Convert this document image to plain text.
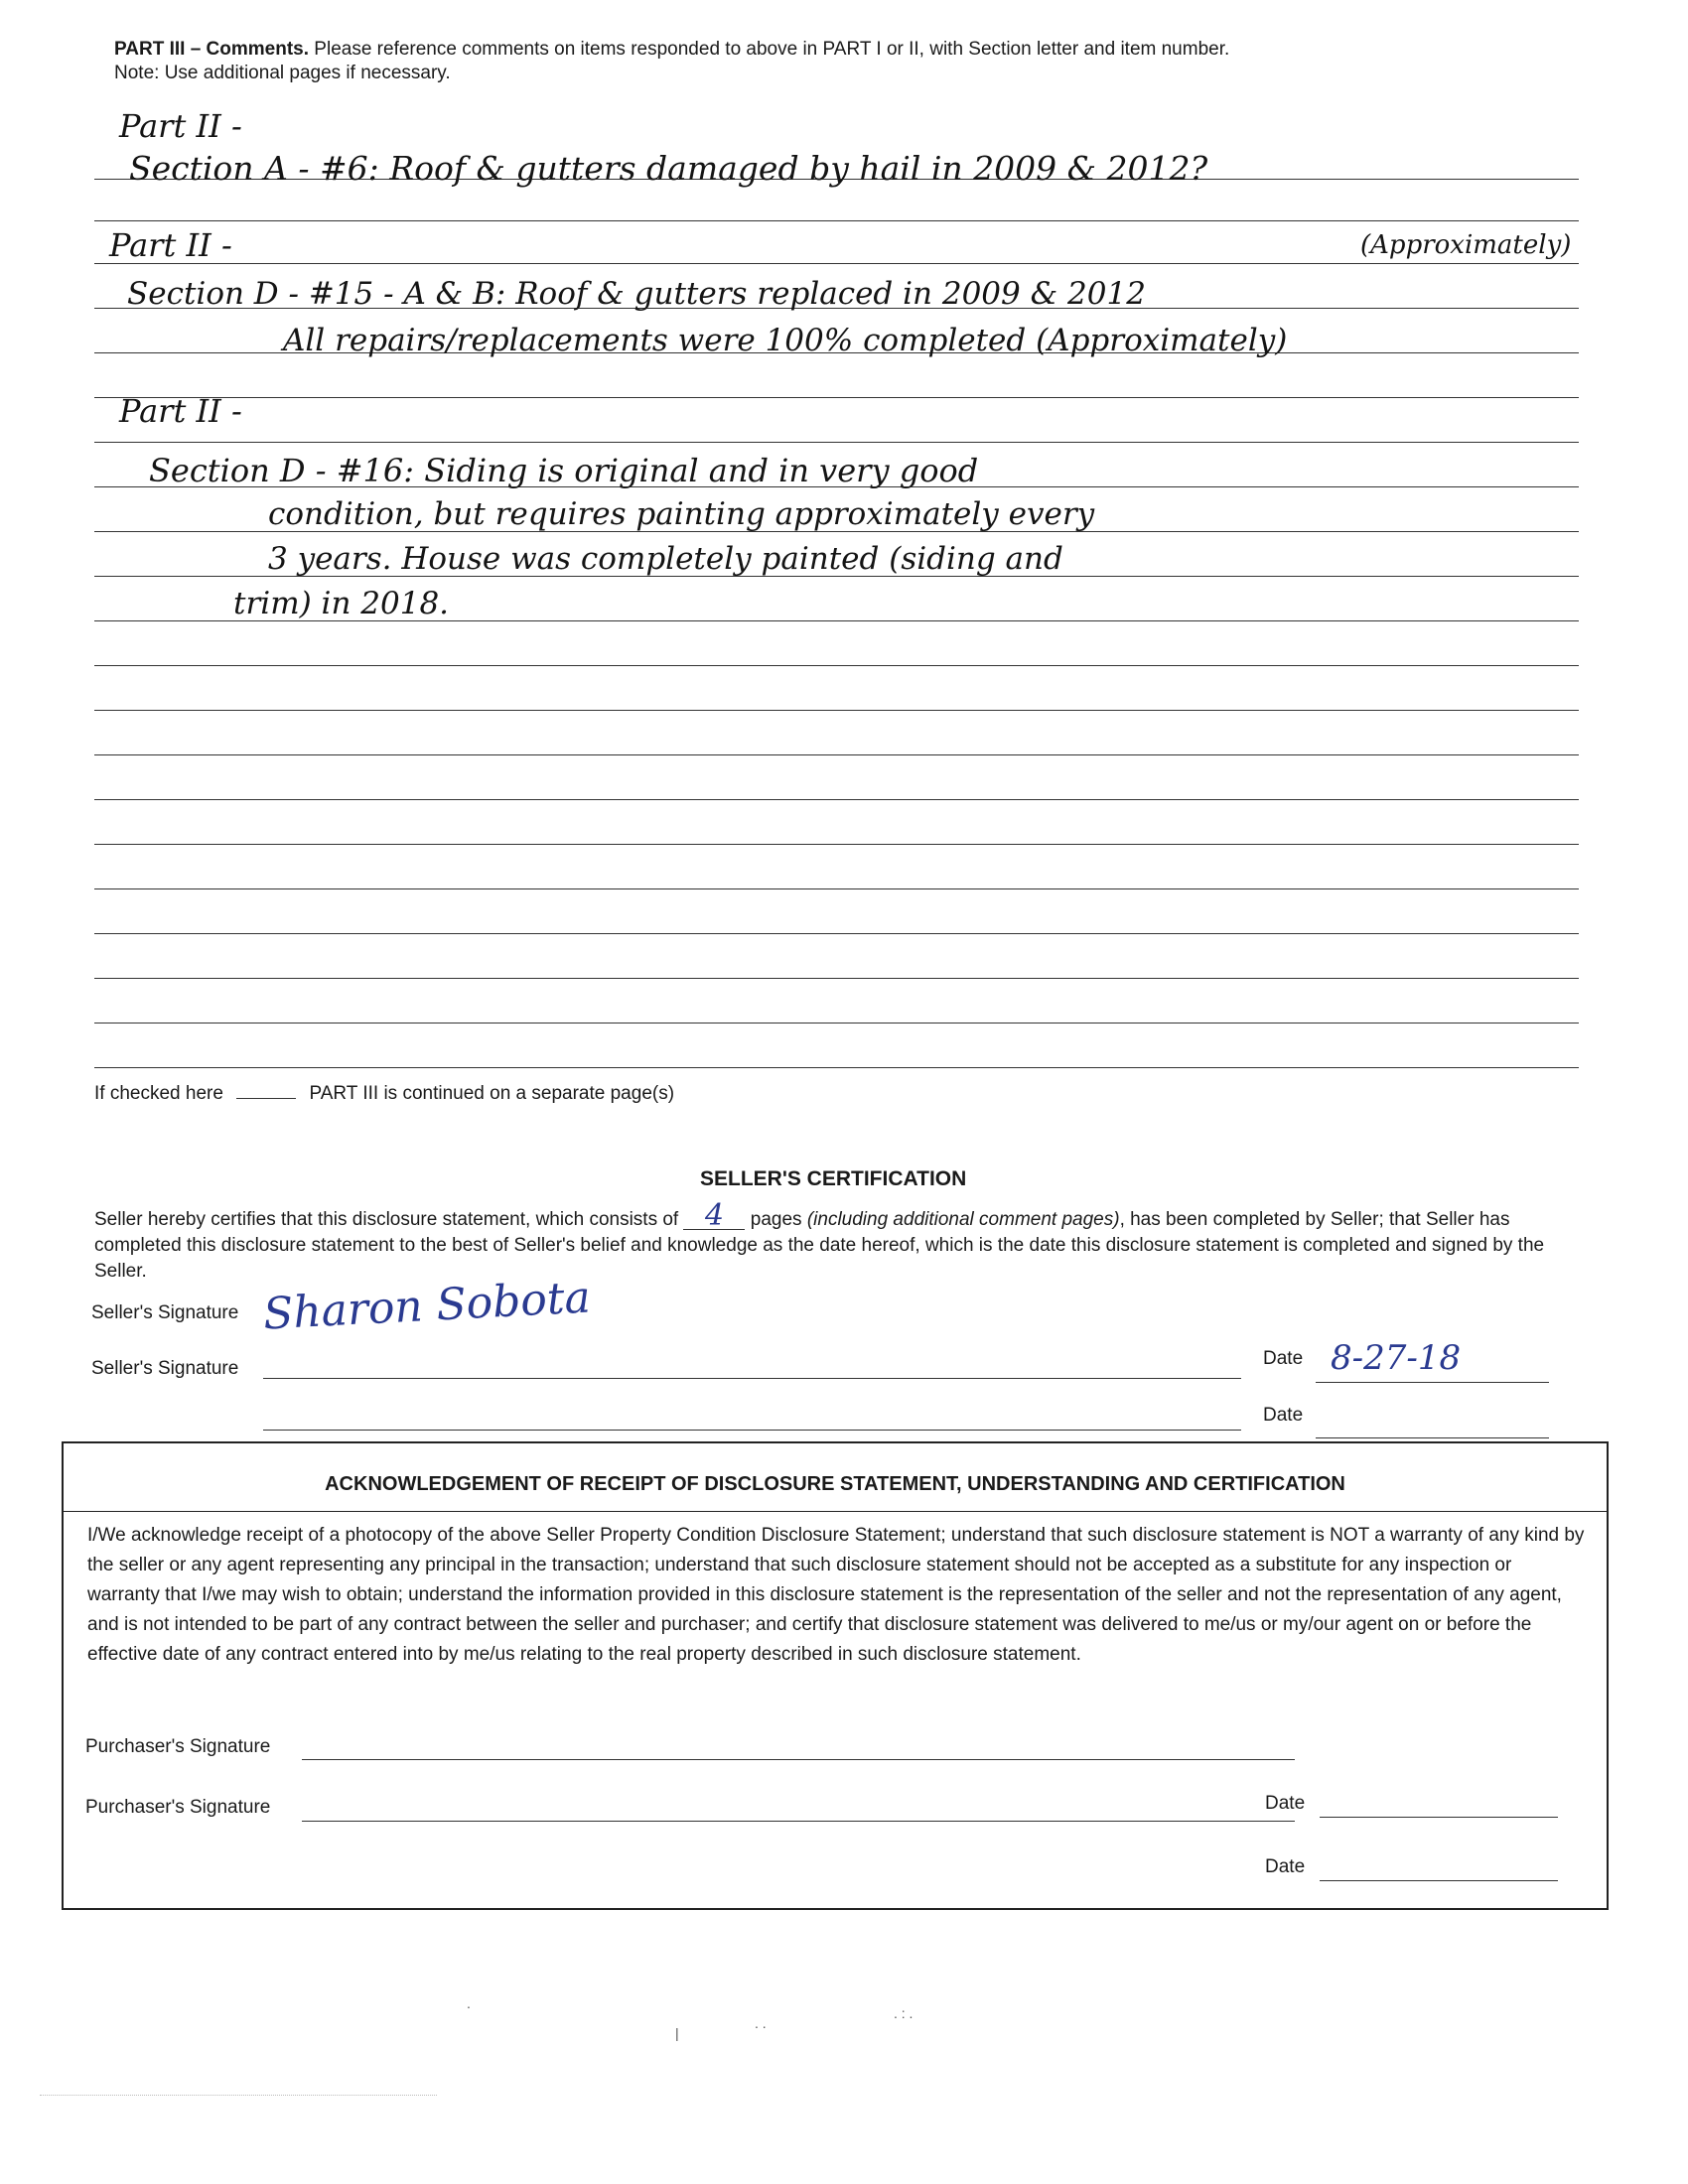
PART III – Comments. Please reference comments on items responded to above in PART I or II, with Section letter and item number.
Note: Use additional pages if necessary.
Part II -
Section A - #6: Roof & gutters damaged by hail in 2009 & 2012?
(Approximately)
Part II -
Section D - #15 - A & B: Roof & gutters replaced in 2009 & 2012
All repairs/replacements were 100% completed (Approximately)
Part II -
Section D - #16: Siding is original and in very good
condition, but requires painting approximately every
3 years. House was completely painted (siding and
trim) in 2018.
If checked here	PART III is continued on a separate page(s)
SELLER'S CERTIFICATION
Seller hereby certifies that this disclosure statement, which consists of 4 pages (including additional comment pages), has been completed by Seller; that Seller has completed this disclosure statement to the best of Seller's belief and knowledge as the date hereof, which is the date this disclosure statement is completed and signed by the Seller.
Seller's Signature Sharon Sobota
Seller's Signature	Date 8-27-18
Date
ACKNOWLEDGEMENT OF RECEIPT OF DISCLOSURE STATEMENT, UNDERSTANDING AND CERTIFICATION
I/We acknowledge receipt of a photocopy of the above Seller Property Condition Disclosure Statement; understand that such disclosure statement is NOT a warranty of any kind by the seller or any agent representing any principal in the transaction; understand that such disclosure statement should not be accepted as a substitute for any inspection or warranty that I/we may wish to obtain; understand the information provided in this disclosure statement is the representation of the seller and not the representation of any agent, and is not intended to be part of any contract between the seller and purchaser; and certify that disclosure statement was delivered to me/us or my/our agent on or before the effective date of any contract entered into by me/us relating to the real property described in such disclosure statement.
Purchaser's Signature
Date
Purchaser's Signature
Date
.
|
. .
. : .
